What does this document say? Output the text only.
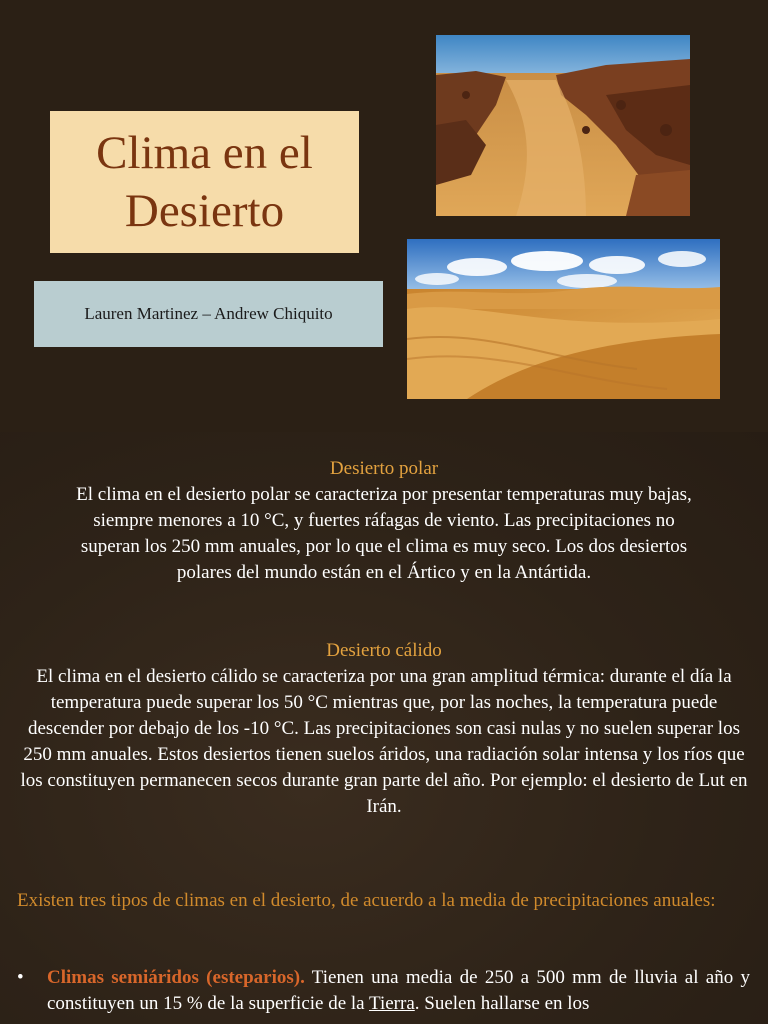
Clima en el Desierto
Lauren Martinez – Andrew Chiquito
Desierto polar
El clima en el desierto polar se caracteriza por presentar temperaturas muy bajas, siempre menores a 10 °C, y fuertes ráfagas de viento. Las precipitaciones no superan los 250 mm anuales, por lo que el clima es muy seco. Los dos desiertos polares del mundo están en el Ártico y en la Antártida.
Desierto cálido
El clima en el desierto cálido se caracteriza por una gran amplitud térmica: durante el día la temperatura puede superar los 50 °C mientras que, por las noches, la temperatura puede descender por debajo de los -10 °C. Las precipitaciones son casi nulas y no suelen superar los 250 mm anuales. Estos desiertos tienen suelos áridos, una radiación solar intensa y los ríos que los constituyen permanecen secos durante gran parte del año. Por ejemplo: el desierto de Lut en Irán.
Existen tres tipos de climas en el desierto, de acuerdo a la media de precipitaciones anuales:
• Climas semiáridos (esteparios). Tienen una media de 250 a 500 mm de lluvia al año y constituyen un 15 % de la superficie de la Tierra. Suelen hallarse en los
